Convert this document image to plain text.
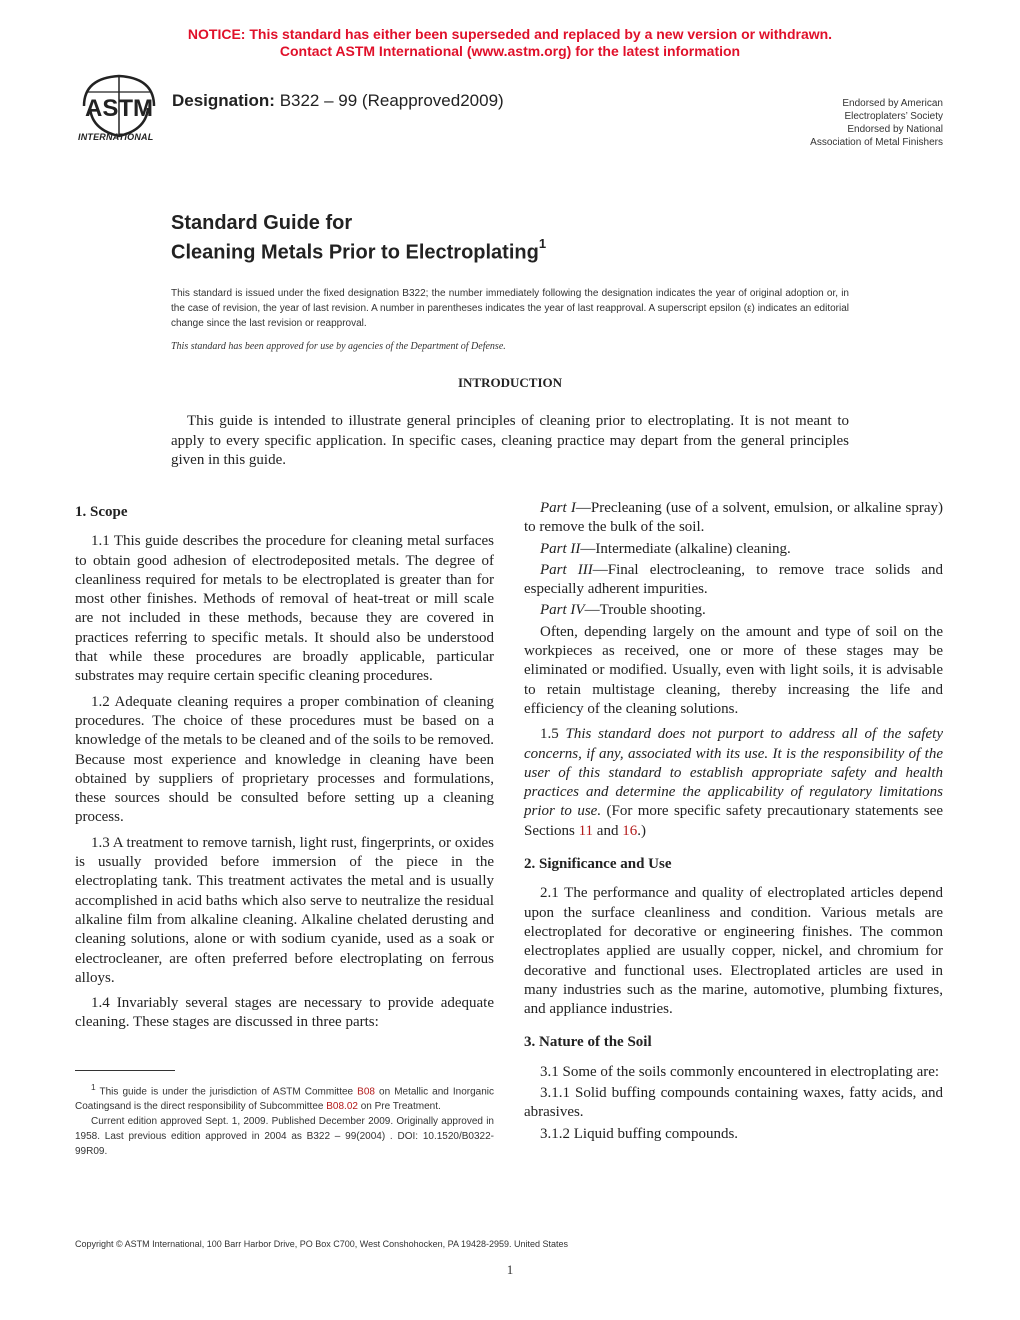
NOTICE: This standard has either been superseded and replaced by a new version or withdrawn.
Contact ASTM International (www.astm.org) for the latest information
ASTM
INTERNATIONAL
Designation: B322 – 99 (Reapproved2009)	Endorsed by American
Electroplaters’ Society
Endorsed by National
Association of Metal Finishers
Standard Guide for
Cleaning Metals Prior to Electroplating$^1$
This standard is issued under the fixed designation B322; the number immediately following the designation indicates the year of original adoption or, in the case of revision, the year of last revision. A number in parentheses indicates the year of last reapproval. A superscript epsilon (ε) indicates an editorial change since the last revision or reapproval.
This standard has been approved for use by agencies of the Department of Defense.
INTRODUCTION

This guide is intended to illustrate general principles of cleaning prior to electroplating. It is not meant to apply to every specific application. In specific cases, cleaning practice may depart from the general principles given in this guide.

1. Scope

1.1 This guide describes the procedure for cleaning metal surfaces to obtain good adhesion of electrodeposited metals. The degree of cleanliness required for metals to be electroplated is greater than for most other finishes. Methods of removal of heat-treat or mill scale are not included in these methods, because they are covered in practices referring to specific metals. It should also be understood that while these procedures are broadly applicable, particular substrates may require certain specific cleaning procedures.

1.2 Adequate cleaning requires a proper combination of cleaning procedures. The choice of these procedures must be based on a knowledge of the metals to be cleaned and of the soils to be removed. Because most experience and knowledge in cleaning have been obtained by suppliers of proprietary processes and formulations, these sources should be consulted before setting up a cleaning process.

1.3 A treatment to remove tarnish, light rust, fingerprints, or oxides is usually provided before immersion of the piece in the electroplating tank. This treatment activates the metal and is usually accomplished in acid baths which also serve to neutralize the residual alkaline film from alkaline cleaning. Alkaline chelated derusting and cleaning solutions, alone or with sodium cyanide, used as a soak or electrocleaner, are often preferred before electroplating on ferrous alloys.

1.4 Invariably several stages are necessary to provide adequate cleaning. These stages are discussed in three parts:

Part I—Precleaning (use of a solvent, emulsion, or alkaline spray) to remove the bulk of the soil.

Part II—Intermediate (alkaline) cleaning.

Part III—Final electrocleaning, to remove trace solids and especially adherent impurities.

Part IV—Trouble shooting.

Often, depending largely on the amount and type of soil on the workpieces as received, one or more of these stages may be eliminated or modified. Usually, even with light soils, it is advisable to retain multistage cleaning, thereby increasing the life and efficiency of the cleaning solutions.

1.5 This standard does not purport to address all of the safety concerns, if any, associated with its use. It is the responsibility of the user of this standard to establish appropriate safety and health practices and determine the applicability of regulatory limitations prior to use. (For more specific safety precautionary statements see Sections 11 and 16.)

2. Significance and Use

2.1 The performance and quality of electroplated articles depend upon the surface cleanliness and condition. Various metals are electroplated for decorative or engineering finishes. The common electroplates applied are usually copper, nickel, and chromium for decorative and functional uses. Electroplated articles are used in many industries such as the marine, automotive, plumbing fixtures, and appliance industries.

3. Nature of the Soil

3.1 Some of the soils commonly encountered in electroplating are:

3.1.1 Solid buffing compounds containing waxes, fatty acids, and abrasives.

3.1.2 Liquid buffing compounds.

$^1$ This guide is under the jurisdiction of ASTM Committee B08 on Metallic and Inorganic Coatingsand is the direct responsibility of Subcommittee B08.02 on Pre Treatment.

Current edition approved Sept. 1, 2009. Published December 2009. Originally approved in 1958. Last previous edition approved in 2004 as B322 – 99(2004) . DOI: 10.1520/B0322-99R09.

Copyright © ASTM International, 100 Barr Harbor Drive, PO Box C700, West Conshohocken, PA 19428-2959. United States
1
